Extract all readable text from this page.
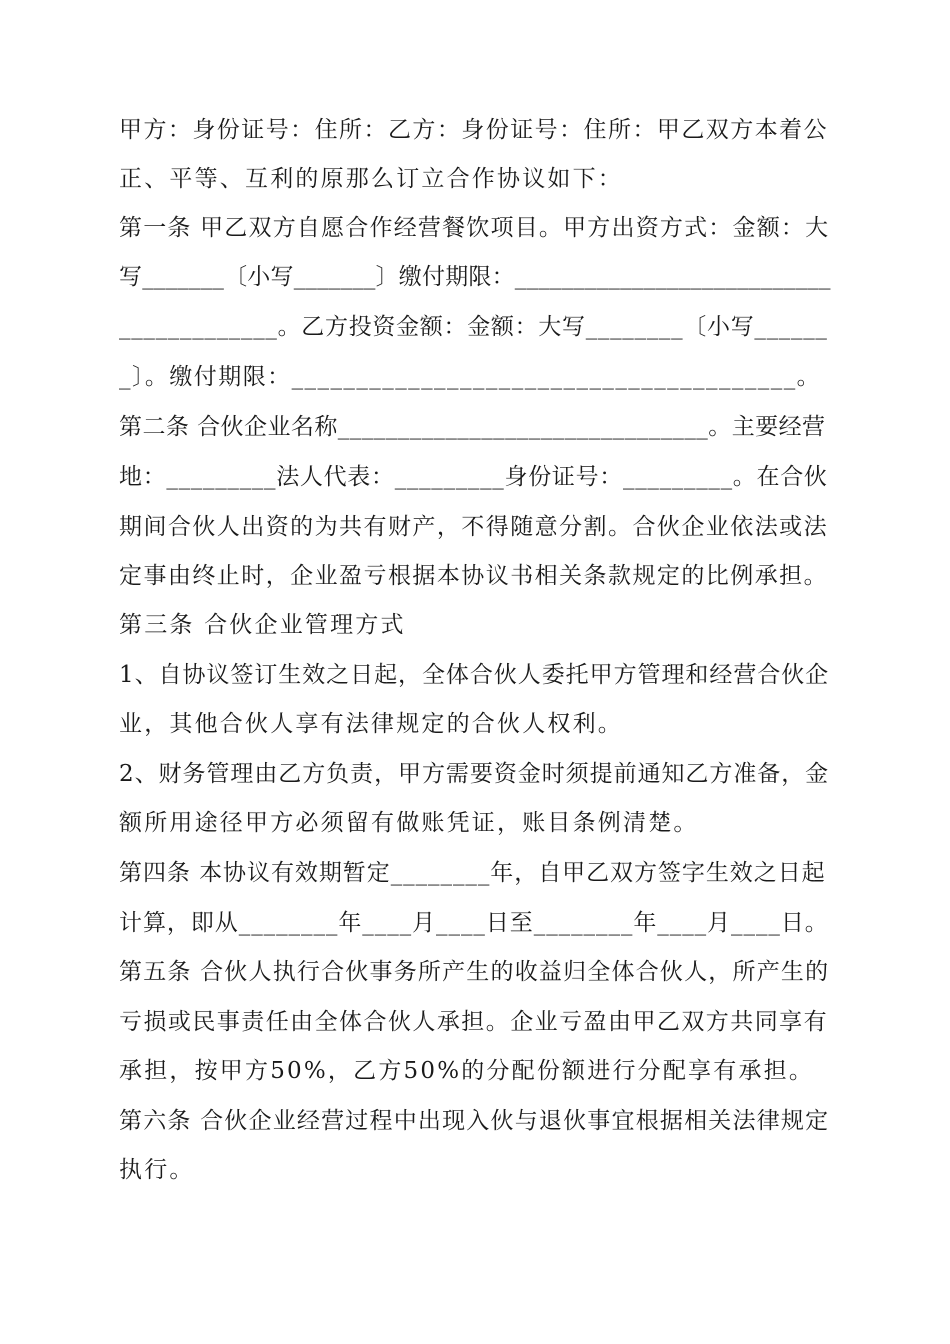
甲方：身份证号：住所：乙方：身份证号：住所：甲乙双方本着公
正、平等、互利的原那么订立合作协议如下：
第一条 甲乙双方自愿合作经营餐饮项目。甲方出资方式：金额：大
写_______〔小写_______〕缴付期限：___________________________
_____________。乙方投资金额：金额：大写________〔小写______
_〕。缴付期限：_______________________________________。
第二条 合伙企业名称_______________________________。主要经营
地：_________法人代表：_________身份证号：_________。在合伙
期间合伙人出资的为共有财产，不得随意分割。合伙企业依法或法
定事由终止时，企业盈亏根据本协议书相关条款规定的比例承担。
第三条 合伙企业管理方式
1、自协议签订生效之日起，全体合伙人委托甲方管理和经营合伙企
业，其他合伙人享有法律规定的合伙人权利。
2、财务管理由乙方负责，甲方需要资金时须提前通知乙方准备，金
额所用途径甲方必须留有做账凭证，账目条例清楚。
第四条 本协议有效期暂定________年，自甲乙双方签字生效之日起
计算，即从________年____月____日至________年____月____日。
第五条 合伙人执行合伙事务所产生的收益归全体合伙人，所产生的
亏损或民事责任由全体合伙人承担。企业亏盈由甲乙双方共同享有
承担，按甲方50%，乙方50%的分配份额进行分配享有承担。
第六条 合伙企业经营过程中出现入伙与退伙事宜根据相关法律规定
执行。
